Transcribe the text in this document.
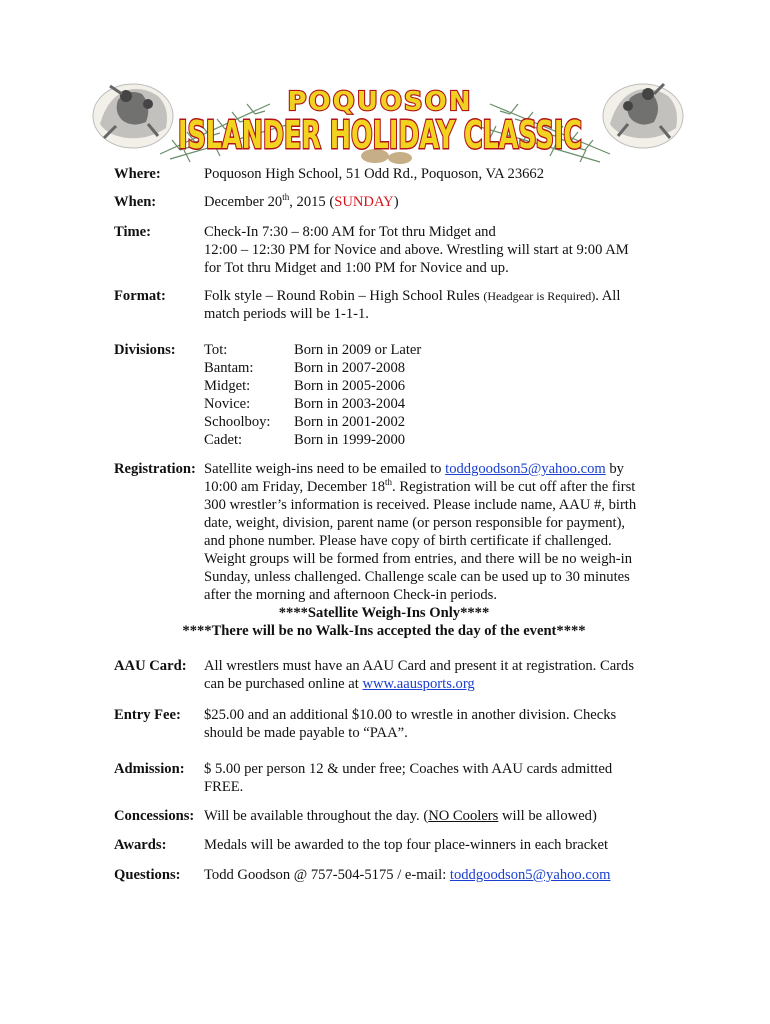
POQUOSON
ISLANDER HOLIDAY CLASSIC
Where:	Poquoson High School, 51 Odd Rd., Poquoson, VA 23662
When:	December 20th, 2015 (SUNDAY)
Time:	Check-In 7:30 – 8:00 AM for Tot thru Midget and
12:00 – 12:30 PM for Novice and above. Wrestling will start at 9:00 AM
for Tot thru Midget and 1:00 PM for Novice and up.
Format:	Folk style – Round Robin – High School Rules (Headgear is Required). All
match periods will be 1-1-1.
Divisions: Tot:	Born in 2009 or Later
Bantam:	Born in 2007-2008
Midget:	Born in 2005-2006
Novice:	Born in 2003-2004
Schoolboy: Born in 2001-2002
Cadet:	Born in 1999-2000
Registration: Satellite weigh-ins need to be emailed to toddgoodson5@yahoo.com by
10:00 am Friday, December 18th. Registration will be cut off after the first
300 wrestler’s information is received. Please include name, AAU #, birth
date, weight, division, parent name (or person responsible for payment),
and phone number. Please have copy of birth certificate if challenged.
Weight groups will be formed from entries, and there will be no weigh-in
Sunday, unless challenged. Challenge scale can be used up to 30 minutes
after the morning and afternoon Check-in periods.
****Satellite Weigh-Ins Only****
****There will be no Walk-Ins accepted the day of the event****
AAU Card: All wrestlers must have an AAU Card and present it at registration. Cards
can be purchased online at www.aausports.org
Entry Fee: $25.00 and an additional $10.00 to wrestle in another division. Checks
should be made payable to “PAA”.
Admission: $ 5.00 per person 12 & under free; Coaches with AAU cards admitted
FREE.
Concessions: Will be available throughout the day. (NO Coolers will be allowed)
Awards:	Medals will be awarded to the top four place-winners in each bracket
Questions: Todd Goodson @ 757-504-5175 / e-mail: toddgoodson5@yahoo.com
